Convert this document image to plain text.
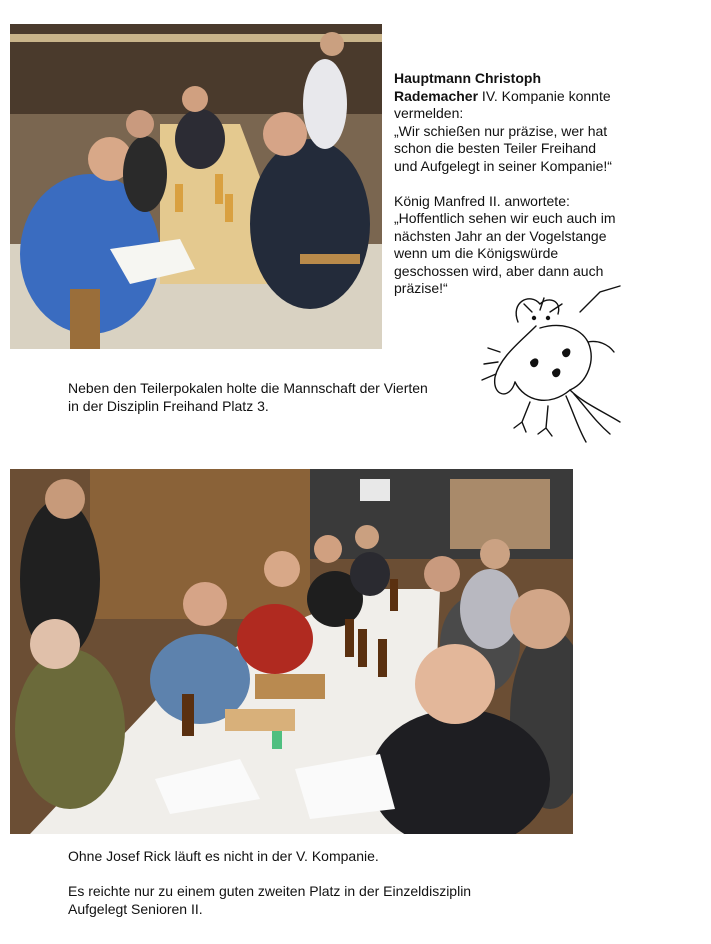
Hauptmann Christoph
Rademacher IV. Kompanie konnte
vermelden:
„Wir schießen nur präzise, wer hat
schon die besten Teiler Freihand
und Aufgelegt in seiner Kompanie!“
König Manfred II. anwortete:
„Hoffentlich sehen wir euch auch im
nächsten Jahr an der Vogelstange
wenn um die Königswürde
geschossen wird, aber dann auch
präzise!“
Neben den Teilerpokalen holte die Mannschaft der Vierten
in der Disziplin Freihand Platz 3.
Ohne Josef Rick läuft es nicht in der V. Kompanie.
Es reichte nur zu einem guten zweiten Platz in der Einzeldisziplin
Aufgelegt Senioren II.
